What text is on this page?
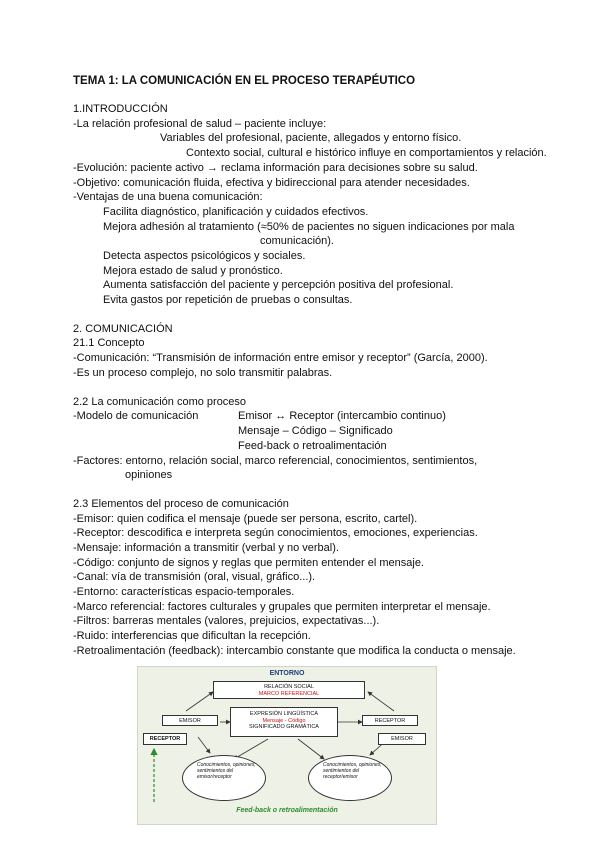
TEMA 1: LA COMUNICACIÓN EN EL PROCESO TERAPÉUTICO
1.INTRODUCCIÓN
-La relación profesional de salud – paciente incluye:
Variables del profesional, paciente, allegados y entorno físico.
Contexto social, cultural e histórico influye en comportamientos y relación.
-Evolución: paciente activo → reclama información para decisiones sobre su salud.
-Objetivo: comunicación fluida, efectiva y bidireccional para atender necesidades.
-Ventajas de una buena comunicación:
Facilita diagnóstico, planificación y cuidados efectivos.
Mejora adhesión al tratamiento (≈50% de pacientes no siguen indicaciones por mala
comunicación).
Detecta aspectos psicológicos y sociales.
Mejora estado de salud y pronóstico.
Aumenta satisfacción del paciente y percepción positiva del profesional.
Evita gastos por repetición de pruebas o consultas.
2. COMUNICACIÓN
21.1 Concepto
-Comunicación: “Transmisión de información entre emisor y receptor” (García, 2000).
-Es un proceso complejo, no solo transmitir palabras.
2.2 La comunicación como proceso
-Modelo de comunicación	Emisor ↔ Receptor (intercambio continuo)
Mensaje – Código – Significado
Feed-back o retroalimentación
-Factores: entorno, relación social, marco referencial, conocimientos, sentimientos,
opiniones
2.3 Elementos del proceso de comunicación
-Emisor: quien codifica el mensaje (puede ser persona, escrito, cartel).
-Receptor: descodifica e interpreta según conocimientos, emociones, experiencias.
-Mensaje: información a transmitir (verbal y no verbal).
-Código: conjunto de signos y reglas que permiten entender el mensaje.
-Canal: vía de transmisión (oral, visual, gráfico...).
-Entorno: características espacio-temporales.
-Marco referencial: factores culturales y grupales que permiten interpretar el mensaje.
-Filtros: barreras mentales (valores, prejuicios, expectativas...).
-Ruido: interferencias que dificultan la recepción.
-Retroalimentación (feedback): intercambio constante que modifica la conducta o mensaje.
ENTORNO
RELACIÓN SOCIAL
MARCO REFERENCIAL
EXPRESIÓN LINGÜÍSTICA
Mensaje - Código
SIGNIFICADO GRAMÁTICA
EMISOR
RECEPTOR
RECEPTOR
EMISOR
Conocimientos, opiniones, sentimientos del emisor/receptor
Conocimientos, opiniones, sentimientos del receptor/emisor
Feed-back o retroalimentación
